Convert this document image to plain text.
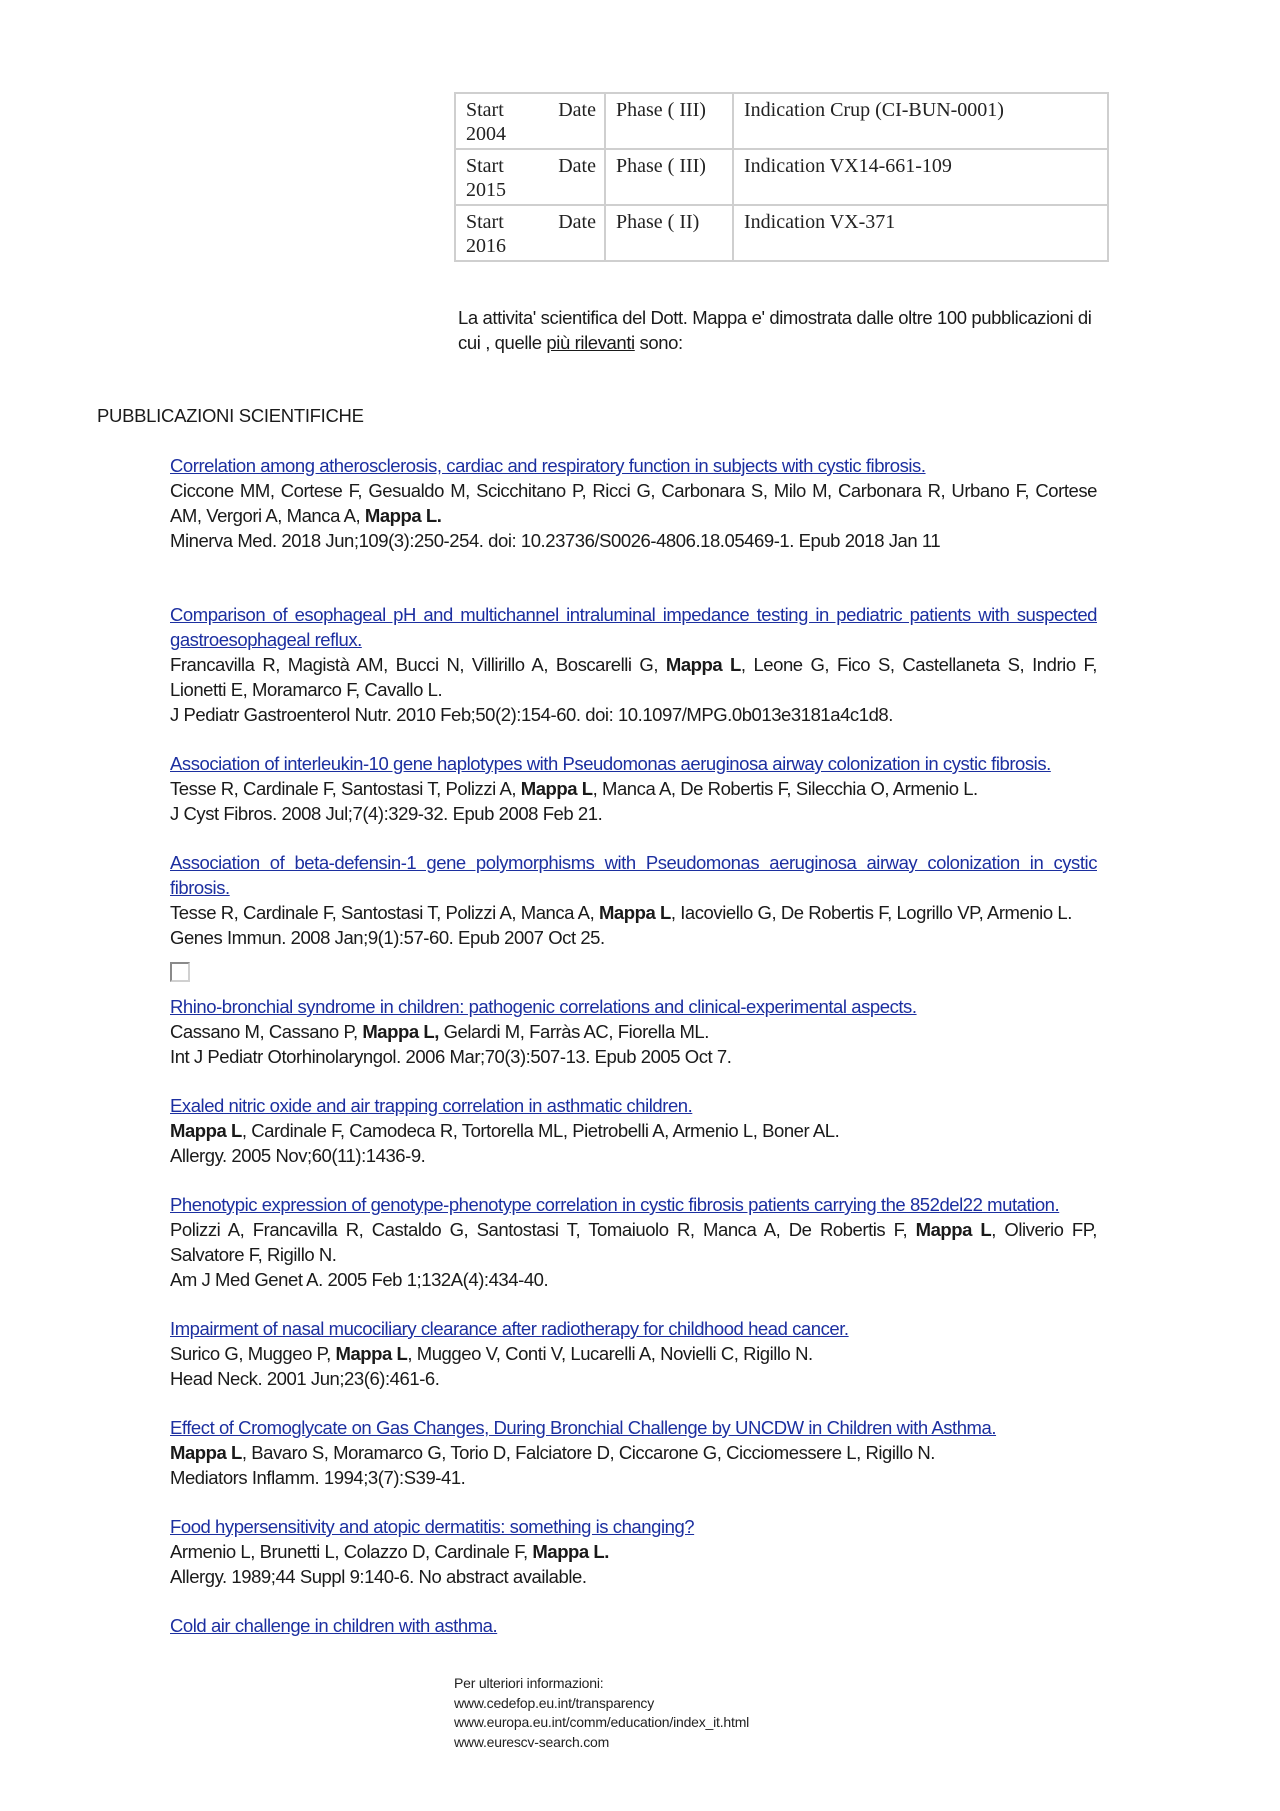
Start Date
2004	Phase ( III)	Indication Crup (CI-BUN-0001)

Start Date
2015	Phase ( III)	Indication VX14-661-109

Start Date
2016	Phase ( II)	Indication VX-371
La attivita' scientifica del Dott. Mappa e' dimostrata dalle oltre 100 pubblicazioni di cui , quelle più rilevanti sono:
PUBBLICAZIONI SCIENTIFICHE
Correlation among atherosclerosis, cardiac and respiratory function in subjects with cystic fibrosis.
Ciccone MM, Cortese F, Gesualdo M, Scicchitano P, Ricci G, Carbonara S, Milo M, Carbonara R, Urbano F, Cortese AM, Vergori A, Manca A, Mappa L.
Minerva Med. 2018 Jun;109(3):250-254. doi: 10.23736/S0026-4806.18.05469-1. Epub 2018 Jan 11
Comparison of esophageal pH and multichannel intraluminal impedance testing in pediatric patients with suspected gastroesophageal reflux.
Francavilla R, Magistà AM, Bucci N, Villirillo A, Boscarelli G, Mappa L, Leone G, Fico S, Castellaneta S, Indrio F, Lionetti E, Moramarco F, Cavallo L.
J Pediatr Gastroenterol Nutr. 2010 Feb;50(2):154-60. doi: 10.1097/MPG.0b013e3181a4c1d8.
Association of interleukin-10 gene haplotypes with Pseudomonas aeruginosa airway colonization in cystic fibrosis.
Tesse R, Cardinale F, Santostasi T, Polizzi A, Mappa L, Manca A, De Robertis F, Silecchia O, Armenio L.
J Cyst Fibros. 2008 Jul;7(4):329-32. Epub 2008 Feb 21.
Association of beta-defensin-1 gene polymorphisms with Pseudomonas aeruginosa airway colonization in cystic fibrosis.
Tesse R, Cardinale F, Santostasi T, Polizzi A, Manca A, Mappa L, Iacoviello G, De Robertis F, Logrillo VP, Armenio L.
Genes Immun. 2008 Jan;9(1):57-60. Epub 2007 Oct 25.
Rhino-bronchial syndrome in children: pathogenic correlations and clinical-experimental aspects.
Cassano M, Cassano P, Mappa L, Gelardi M, Farràs AC, Fiorella ML.
Int J Pediatr Otorhinolaryngol. 2006 Mar;70(3):507-13. Epub 2005 Oct 7.
Exaled nitric oxide and air trapping correlation in asthmatic children.
Mappa L, Cardinale F, Camodeca R, Tortorella ML, Pietrobelli A, Armenio L, Boner AL.
Allergy. 2005 Nov;60(11):1436-9.
Phenotypic expression of genotype-phenotype correlation in cystic fibrosis patients carrying the 852del22 mutation.
Polizzi A, Francavilla R, Castaldo G, Santostasi T, Tomaiuolo R, Manca A, De Robertis F, Mappa L, Oliverio FP, Salvatore F, Rigillo N.
Am J Med Genet A. 2005 Feb 1;132A(4):434-40.
Impairment of nasal mucociliary clearance after radiotherapy for childhood head cancer.
Surico G, Muggeo P, Mappa L, Muggeo V, Conti V, Lucarelli A, Novielli C, Rigillo N.
Head Neck. 2001 Jun;23(6):461-6.
Effect of Cromoglycate on Gas Changes, During Bronchial Challenge by UNCDW in Children with Asthma.
Mappa L, Bavaro S, Moramarco G, Torio D, Falciatore D, Ciccarone G, Cicciomessere L, Rigillo N.
Mediators Inflamm. 1994;3(7):S39-41.
Food hypersensitivity and atopic dermatitis: something is changing?
Armenio L, Brunetti L, Colazzo D, Cardinale F, Mappa L.
Allergy. 1989;44 Suppl 9:140-6. No abstract available.
Cold air challenge in children with asthma.
Per ulteriori informazioni:
www.cedefop.eu.int/transparency
www.europa.eu.int/comm/education/index_it.html
www.eurescv-search.com
